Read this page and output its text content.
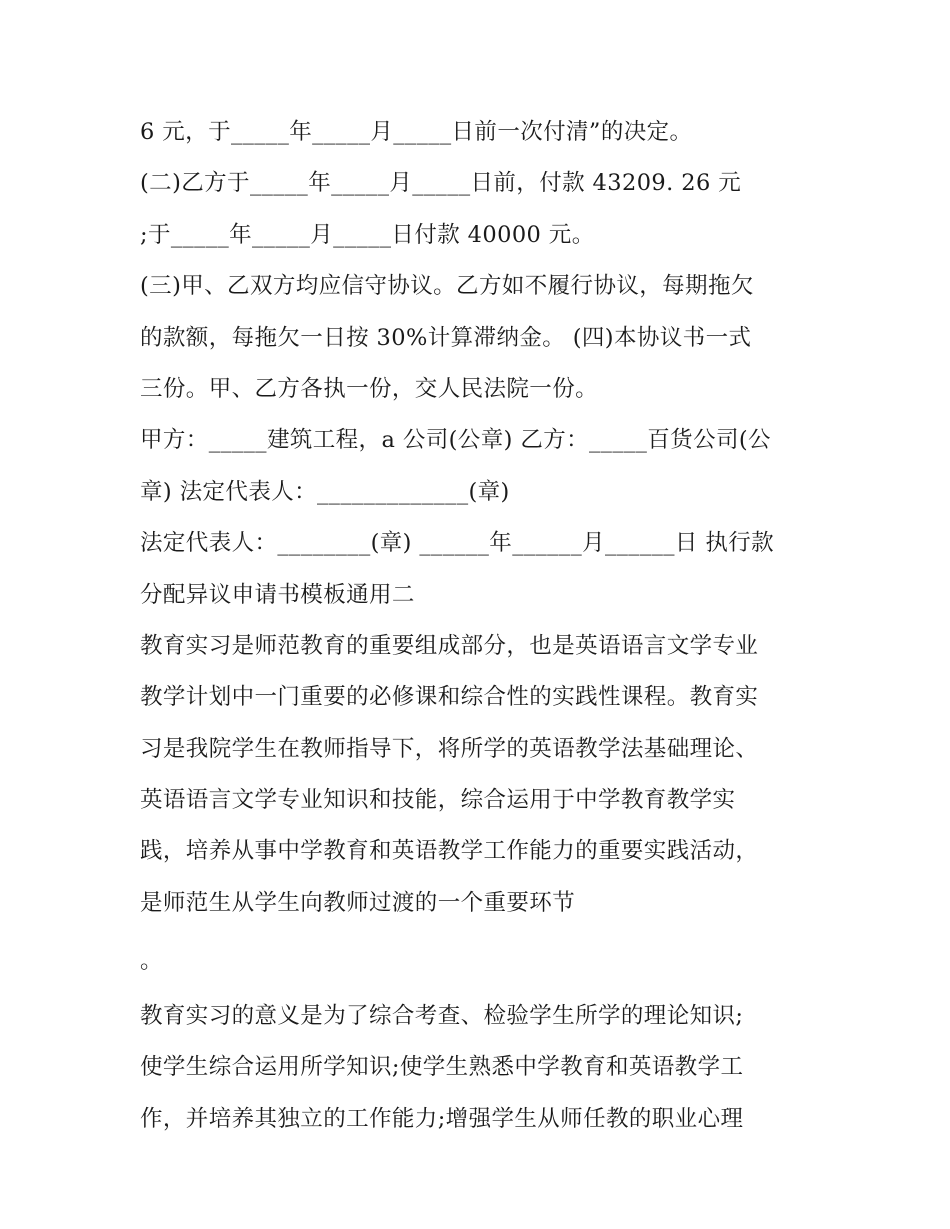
6 元，于_____年_____月_____日前一次付清”的决定。
(二)乙方于_____年_____月_____日前，付款 43209. 26 元
;于_____年_____月_____日付款 40000 元。
(三)甲、乙双方均应信守协议。乙方如不履行协议，每期拖欠
的款额，每拖欠一日按 30%计算滞纳金。 (四)本协议书一式
三份。甲、乙方各执一份，交人民法院一份。
甲方：_____建筑工程，a 公司(公章) 乙方：_____百货公司(公
章) 法定代表人：_____________(章)
法定代表人：________(章) ______年______月______日 执行款
分配异议申请书模板通用二
教育实习是师范教育的重要组成部分，也是英语语言文学专业
教学计划中一门重要的必修课和综合性的实践性课程。教育实
习是我院学生在教师指导下，将所学的英语教学法基础理论、
英语语言文学专业知识和技能，综合运用于中学教育教学实
践，培养从事中学教育和英语教学工作能力的重要实践活动，
是师范生从学生向教师过渡的一个重要环节
。
教育实习的意义是为了综合考查、检验学生所学的理论知识;
使学生综合运用所学知识;使学生熟悉中学教育和英语教学工
作，并培养其独立的工作能力;增强学生从师任教的职业心理
